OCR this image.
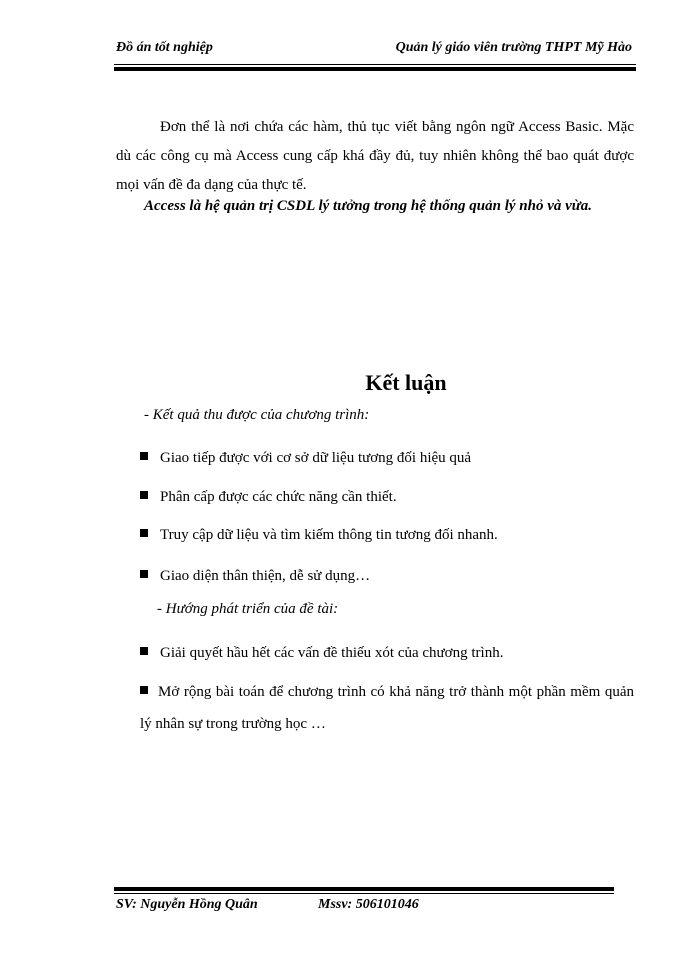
Đồ án tốt nghiệp	Quản lý giáo viên trường THPT Mỹ Hào
Đơn thể là nơi chứa các hàm, thủ tục viết bằng ngôn ngữ Access Basic. Mặc dù các công cụ mà Access cung cấp khá đầy đủ, tuy nhiên không thể bao quát được mọi vấn đề đa dạng của thực tế.
Access là hệ quản trị CSDL lý tưởng trong hệ thống quản lý nhỏ và vừa.
Kết luận
- Kết quả thu được của chương trình:
Giao tiếp được với cơ sở dữ liệu tương đối hiệu quả
Phân cấp được các chức năng cần thiết.
Truy cập dữ liệu và tìm kiếm thông tin tương đối nhanh.
Giao diện thân thiện, dễ sử dụng…
- Hướng phát triển của đề tài:
Giải quyết hầu hết các vấn đề thiếu xót của chương trình.
Mở rộng bài toán để chương trình có khả năng trở thành một phần mềm quản lý nhân sự trong trường học …
SV: Nguyễn Hồng Quân	Mssv: 506101046
